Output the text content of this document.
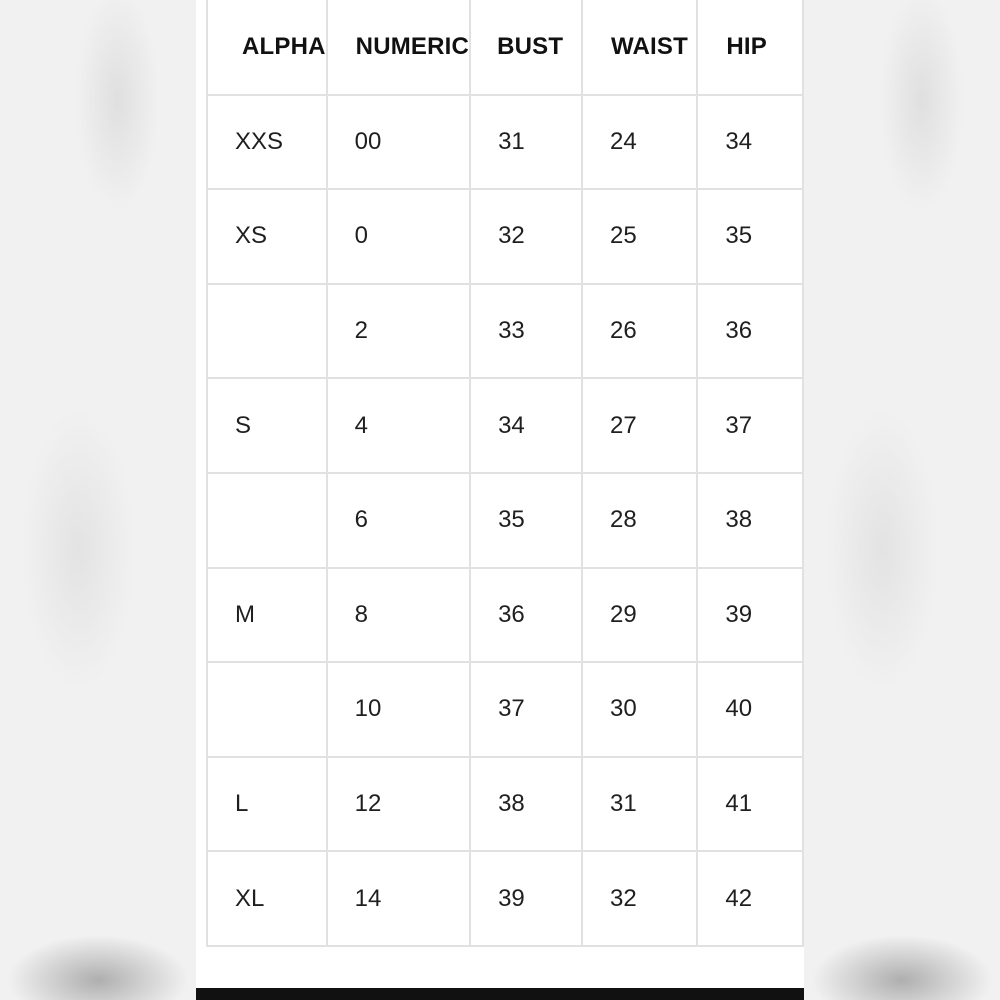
ALPHA	NUMERIC	BUST	WAIST	HIP
XXS	00	31	24	34
XS	0	32	25	35
	2	33	26	36
S	4	34	27	37
	6	35	28	38
M	8	36	29	39
	10	37	30	40
L	12	38	31	41
XL	14	39	32	42
